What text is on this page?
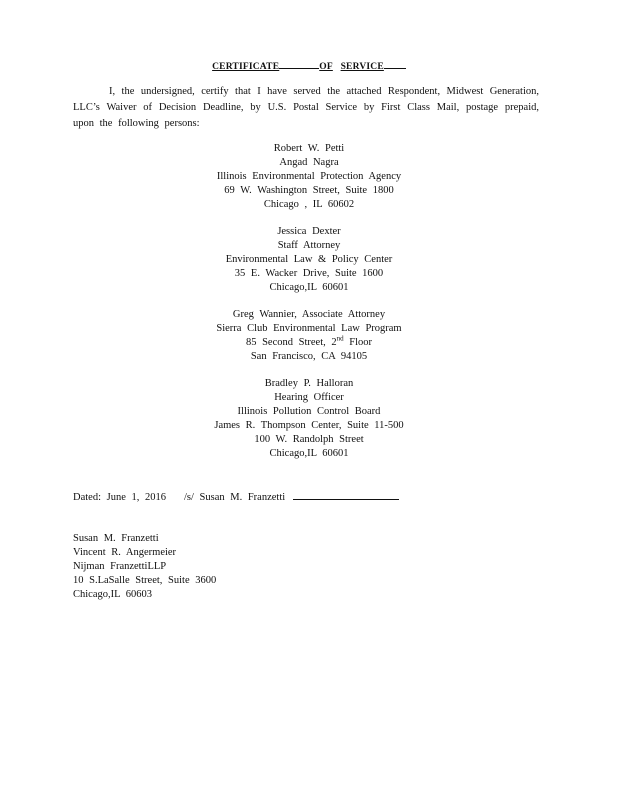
CERTIFICATE	OF SERVICE
I, the undersigned, certify that I have served the attached Respondent, Midwest Generation, LLC’s Waiver of Decision Deadline, by U.S. Postal Service by First Class Mail, postage prepaid, upon the following persons:
Robert W. Petti
Angad Nagra
Illinois Environmental Protection Agency
69 W. Washington Street, Suite 1800
Chicago , IL 60602
Jessica Dexter
Staff Attorney
Environmental Law & Policy Center
35 E. Wacker Drive, Suite 1600
Chicago,IL 60601
Greg Wannier, Associate Attorney
Sierra Club Environmental Law Program
85 Second Street, 2nd Floor
San Francisco, CA 94105
Bradley P. Halloran
Hearing Officer
Illinois Pollution Control Board
James R. Thompson Center, Suite 11-500
100 W. Randolph Street
Chicago,IL 60601
Dated: June 1, 2016 /s/ Susan M. Franzetti
Susan M. Franzetti
Vincent R. Angermeier
Nijman FranzettiLLP
10 S.LaSalle Street, Suite 3600
Chicago,IL 60603
